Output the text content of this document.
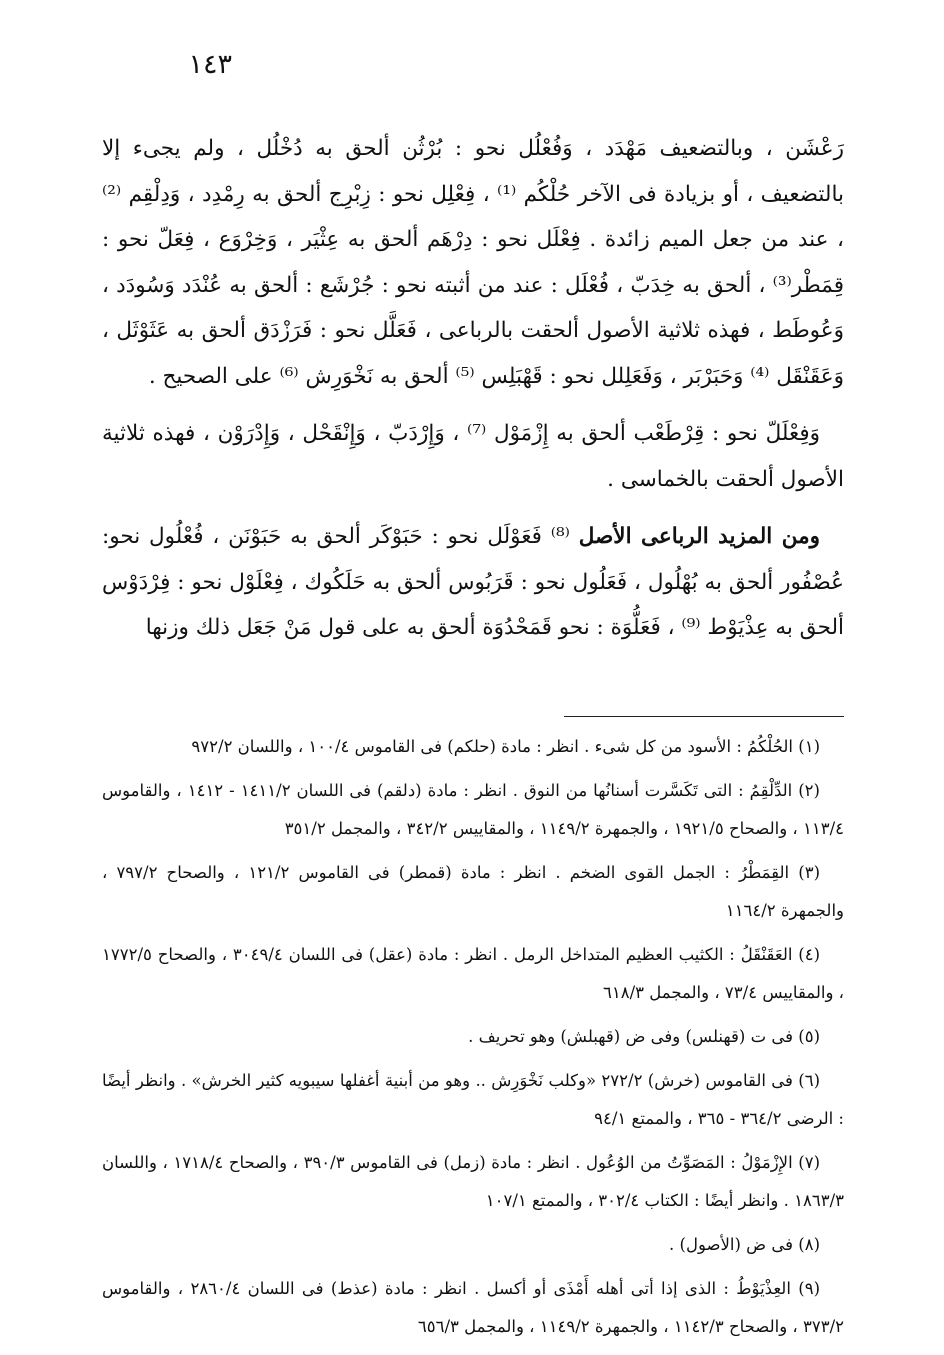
١٤٣

رَعْشَن ، وبالتضعيف مَهْدَد ، وَفُعْلُل نحو : بُرْثُن ألحق به دُخْلُل ، ولم يجىء إلا بالتضعيف ، أو بزيادة فى الآخر حُلْكُم ⁽¹⁾ ، فِعْلِل نحو : زِبْرِج ألحق به رِمْدِد ، وَدِلْقِم ⁽²⁾ ، عند من جعل الميم زائدة . فِعْلَل نحو : دِرْهَم ألحق به عِثْيَر ، وَخِرْوَع ، فِعَلّ نحو : قِمَطْر⁽³⁾ ، ألحق به خِدَبّ ، فُعْلَل : عند من أثبته نحو : جُرْشَع : ألحق به عُنْدَد وَسُودَد ، وَعُوطَط ، فهذه ثلاثية الأصول ألحقت بالرباعى ، فَعَلَّل نحو : فَرَزْدَق ألحق به عَثَوْثَل ، وَعَقَنْقَل ⁽⁴⁾ وَحَبَرْبَر ، وَفَعَلِلل نحو : قَهْبَلِس ⁽⁵⁾ ألحق به نَخْوَرِش ⁽⁶⁾ على الصحيح .

وَفِعْلَلّ نحو : قِرْطَعْب ألحق به إِزْمَوْل ⁽⁷⁾ ، وَإِرْدَبّ ، وَإِنْقَحْل ، وَإِدْرَوْن ، فهذه ثلاثية الأصول ألحقت بالخماسى .

ومن المزيد الرباعى الأصل ⁽⁸⁾ فَعَوْلَل نحو : حَبَوْكَر ألحق به حَبَوْنَن ، فُعْلُول نحو: عُصْفُور ألحق به بُهْلُول ، فَعَلُول نحو : قَرَبُوس ألحق به حَلَكُوك ، فِعْلَوْل نحو : فِرْدَوْس ألحق به عِذْيَوْط ⁽⁹⁾ ، فَعَلُّوَة : نحو قَمَحْدُوَة ألحق به على قول مَنْ جَعَل ذلك وزنها

(١) الحُلْكُمُ : الأسود من كل شىء . انظر : مادة (حلكم) فى القاموس ١٠٠/٤ ، واللسان ٩٧٢/٢
(٢) الدِّلْقِمُ : التى تَكَسَّرت أسنانُها من النوق . انظر : مادة (دلقم) فى اللسان ١٤١١/٢ - ١٤١٢ ، والقاموس ١١٣/٤ ، والصحاح ١٩٢١/٥ ، والجمهرة ١١٤٩/٢ ، والمقاييس ٣٤٢/٢ ، والمجمل ٣٥١/٢
(٣) القِمَطْرُ : الجمل القوى الضخم . انظر : مادة (قمطر) فى القاموس ١٢١/٢ ، والصحاح ٧٩٧/٢ ، والجمهرة ١١٦٤/٢
(٤) العَقَنْقَلُ : الكثيب العظيم المتداخل الرمل . انظر : مادة (عقل) فى اللسان ٣٠٤٩/٤ ، والصحاح ١٧٧٢/٥ ، والمقاييس ٧٣/٤ ، والمجمل ٦١٨/٣
(٥) فى ت (قهنلس) وفى ض (قهبلش) وهو تحريف .
(٦) فى القاموس (خرش) ٢٧٢/٢ «وكلب نَخْوَرِش .. وهو من أبنية أغفلها سيبويه كثير الخرش» . وانظر أيضًا : الرضى ٣٦٤/٢ - ٣٦٥ ، والممتع ٩٤/١
(٧) الإِزْمَوْلُ : المَصَوِّتُ من الوُعُول . انظر : مادة (زمل) فى القاموس ٣٩٠/٣ ، والصحاح ١٧١٨/٤ ، واللسان ١٨٦٣/٣ . وانظر أيضًا : الكتاب ٣٠٢/٤ ، والممتع ١٠٧/١
(٨) فى ض (الأصول) .
(٩) العِذْيَوْطُ : الذى إذا أتى أهله أَمْذَى أو أكسل . انظر : مادة (عذط) فى اللسان ٢٨٦٠/٤ ، والقاموس ٣٧٣/٢ ، والصحاح ١١٤٢/٣ ، والجمهرة ١١٤٩/٢ ، والمجمل ٦٥٦/٣
